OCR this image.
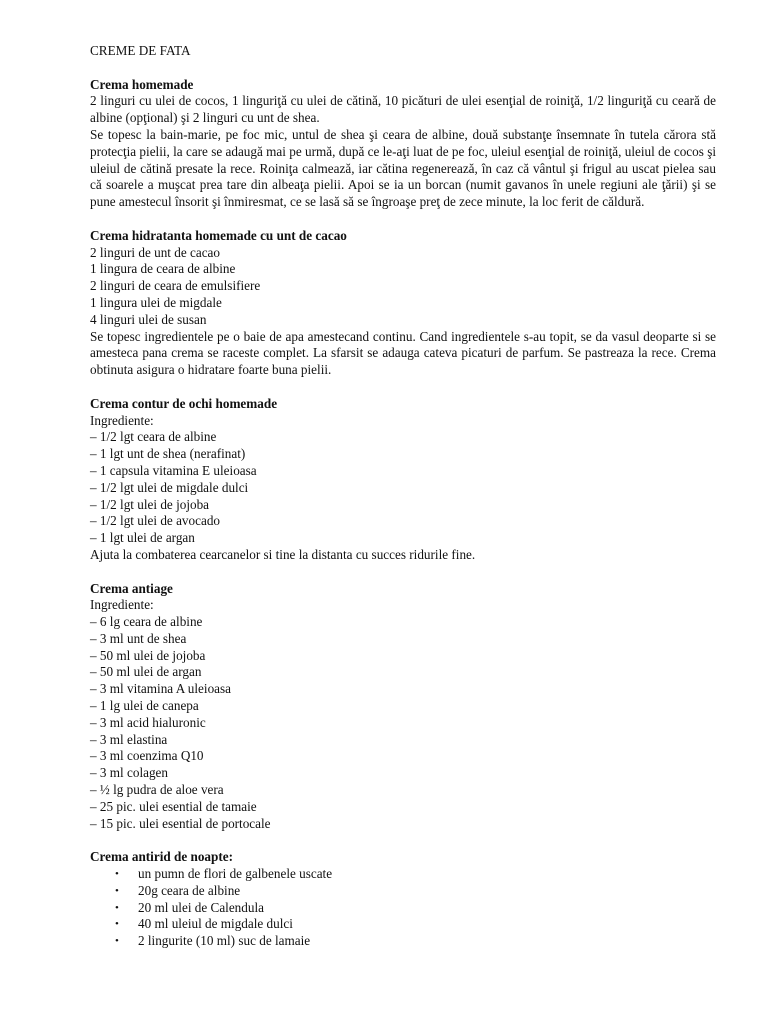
CREME DE FATA

Crema homemade

2 linguri cu ulei de cocos, 1 linguriţă cu ulei de cătină, 10 picături de ulei esenţial de roiniţă, 1/2 linguriţă cu ceară de albine (opţional) şi 2 linguri cu unt de shea.

Se topesc la bain-marie, pe foc mic, untul de shea şi ceara de albine, două substanţe însemnate în tutela cărora stă protecţia pielii, la care se adaugă mai pe urmă, după ce le-aţi luat de pe foc, uleiul esenţial de roiniţă, uleiul de cocos şi uleiul de cătină presate la rece. Roiniţa calmează, iar cătina regenerează, în caz că vântul şi frigul au uscat pielea sau că soarele a muşcat prea tare din albeaţa pielii. Apoi se ia un borcan (numit gavanos în unele regiuni ale ţării) şi se pune amestecul însorit şi înmiresmat, ce se lasă să se îngroaşe preţ de zece minute, la loc ferit de căldură.

Crema hidratanta homemade cu unt de cacao

2 linguri de unt de cacao

1 lingura de ceara de albine

2 linguri de ceara de emulsifiere

1 lingura ulei de migdale

4 linguri ulei de susan

Se topesc ingredientele pe o baie de apa amestecand continu. Cand ingredientele s-au topit, se da vasul deoparte si se amesteca pana crema se raceste complet. La sfarsit se adauga cateva picaturi de parfum. Se pastreaza la rece. Crema obtinuta asigura o hidratare foarte buna pielii.

Crema contur de ochi homemade

Ingrediente:

– 1/2 lgt ceara de albine

– 1 lgt unt de shea (nerafinat)

– 1 capsula vitamina E uleioasa

– 1/2 lgt ulei de migdale dulci

– 1/2 lgt ulei de jojoba

– 1/2 lgt ulei de avocado

– 1 lgt ulei de argan

Ajuta la combaterea cearcanelor si tine la distanta cu succes ridurile fine.

Crema antiage

Ingrediente:

– 6 lg ceara de albine

– 3 ml unt de shea

– 50 ml ulei de jojoba

– 50 ml ulei de argan

– 3 ml vitamina A uleioasa

– 1 lg ulei de canepa

– 3 ml acid hialuronic

– 3 ml elastina

– 3 ml coenzima Q10

– 3 ml colagen

– ½ lg pudra de aloe vera

– 25 pic. ulei esential de tamaie

– 15 pic. ulei esential de portocale

Crema antirid de noapte:

• un pumn de flori de galbenele uscate
• 20g ceara de albine
• 20 ml ulei de Calendula
• 40 ml uleiul de migdale dulci
• 2 lingurite (10 ml) suc de lamaie
